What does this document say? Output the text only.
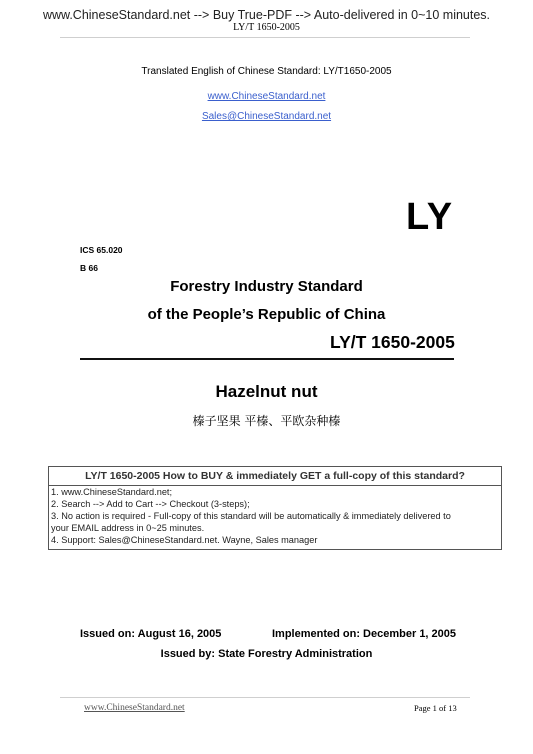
www.ChineseStandard.net --> Buy True-PDF --> Auto-delivered in 0~10 minutes.
LY/T 1650-2005
Translated English of Chinese Standard: LY/T1650-2005
www.ChineseStandard.net
Sales@ChineseStandard.net
LY
ICS 65.020
B 66
Forestry Industry Standard
of the People’s Republic of China
LY/T 1650-2005
Hazelnut nut
榛子坚果 平榛、平欧杂种榛
LY/T 1650-2005 How to BUY & immediately GET a full-copy of this standard?
1. www.ChineseStandard.net;
2. Search --> Add to Cart --> Checkout (3-steps);
3. No action is required - Full-copy of this standard will be automatically & immediately delivered to
your EMAIL address in 0~25 minutes.
4. Support: Sales@ChineseStandard.net. Wayne, Sales manager
Issued on: August 16, 2005	Implemented on: December 1, 2005
Issued by: State Forestry Administration
www.ChineseStandard.net	Page 1 of 13
